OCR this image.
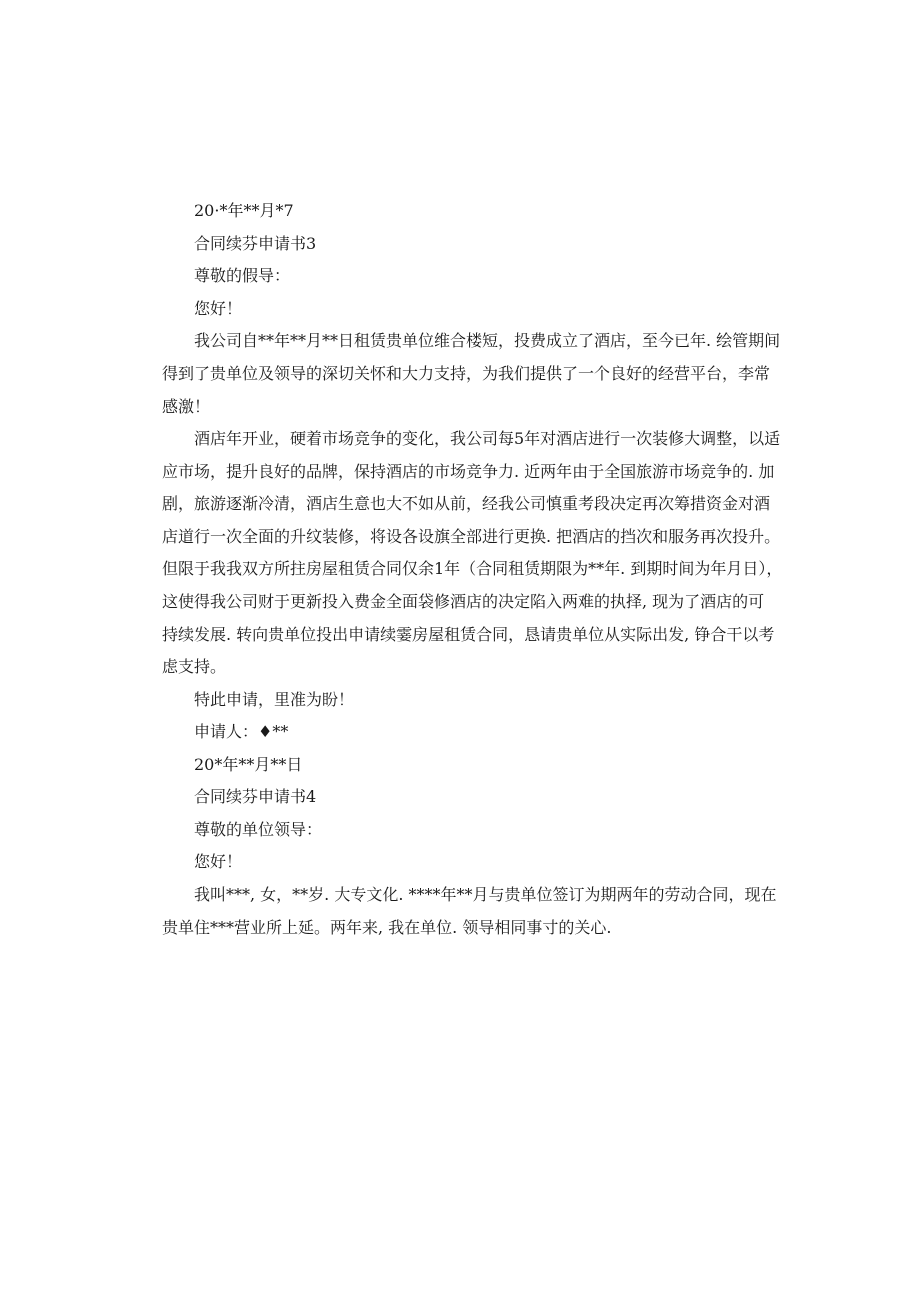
20·*年**月*7
合同续芬申请书3
尊敬的假导：
您好！
我公司自**年**月**日租赁贵单位维合楼短，投费成立了酒店，至今已年. 绘管期间
得到了贵单位及领导的深切关怀和大力支持，为我们提供了一个良好的经营平台，李常
感激！
酒店年开业，硬着市场竞争的变化，我公司每5年对酒店进行一次装修大调整，以适
应市场，提升良好的品牌，保持酒店的市场竞争力. 近两年由于全国旅游市场竞争的. 加
剧，旅游逐渐冷清，酒店生意也大不如从前，经我公司慎重考段决定再次筹措资金对酒
店道行一次全面的升纹装修，将设各设旗全部进行更换. 把酒店的挡次和服务再次投升。
但限于我我双方所拄房屋租赁合同仅余1年（合同租赁期限为**年. 到期时间为年月日），
这使得我公司财于更新投入费金全面袋修酒店的决定陷入两难的执择, 现为了酒店的可
持续发展. 转向贵单位投出申请续霎房屋租赁合同，恳请贵单位从实际出发, 铮合干以考
虑支持。
特此申请，里准为盼！
申请人：♦**
20*年**月**日
合同续芬申请书4
尊敬的单位领导：
您好！
我叫***, 女，**岁. 大专文化. ****年**月与贵单位签订为期两年的劳动合同，现在
贵单住***营业所上延。两年来, 我在单位. 领导相同事寸的关心.
